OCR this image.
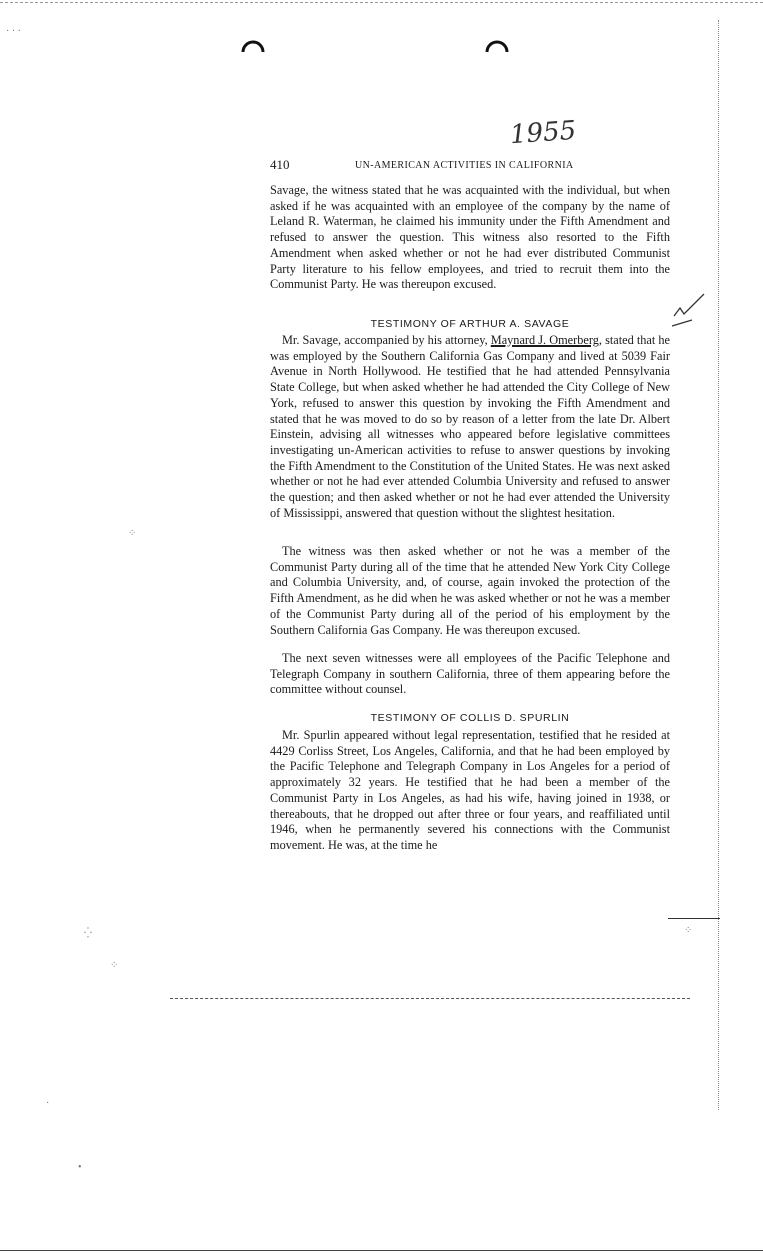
1955
410	UN-AMERICAN ACTIVITIES IN CALIFORNIA

Savage, the witness stated that he was acquainted with the individual, but when asked if he was acquainted with an employee of the company by the name of Leland R. Waterman, he claimed his immunity under the Fifth Amendment and refused to answer the question. This witness also resorted to the Fifth Amendment when asked whether or not he had ever distributed Communist Party literature to his fellow employees, and tried to recruit them into the Communist Party. He was thereupon excused.

TESTIMONY OF ARTHUR A. SAVAGE

Mr. Savage, accompanied by his attorney, Maynard J. Omerberg, stated that he was employed by the Southern California Gas Company and lived at 5039 Fair Avenue in North Hollywood. He testified that he had attended Pennsylvania State College, but when asked whether he had attended the City College of New York, refused to answer this question by invoking the Fifth Amendment and stated that he was moved to do so by reason of a letter from the late Dr. Albert Einstein, advising all witnesses who appeared before legislative committees investigating un-American activities to refuse to answer questions by invoking the Fifth Amendment to the Constitution of the United States. He was next asked whether or not he had ever attended Columbia University and refused to answer the question; and then asked whether or not he had ever attended the University of Mississippi, answered that question without the slightest hesitation.

The witness was then asked whether or not he was a member of the Communist Party during all of the time that he attended New York City College and Columbia University, and, of course, again invoked the protection of the Fifth Amendment, as he did when he was asked whether or not he was a member of the Communist Party during all of the period of his employment by the Southern California Gas Company. He was thereupon excused.

The next seven witnesses were all employees of the Pacific Telephone and Telegraph Company in southern California, three of them appearing before the committee without counsel.

TESTIMONY OF COLLIS D. SPURLIN

Mr. Spurlin appeared without legal representation, testified that he resided at 4429 Corliss Street, Los Angeles, California, and that he had been employed by the Pacific Telephone and Telegraph Company in Los Angeles for a period of approximately 32 years. He testified that he had been a member of the Communist Party in Los Angeles, as had his wife, having joined in 1938, or thereabouts, that he dropped out after three or four years, and reaffiliated until 1946, when he permanently severed his connections with the Communist movement. He was, at the time he

· · ·
⁘
⁛
⁘
⁘
·
•
